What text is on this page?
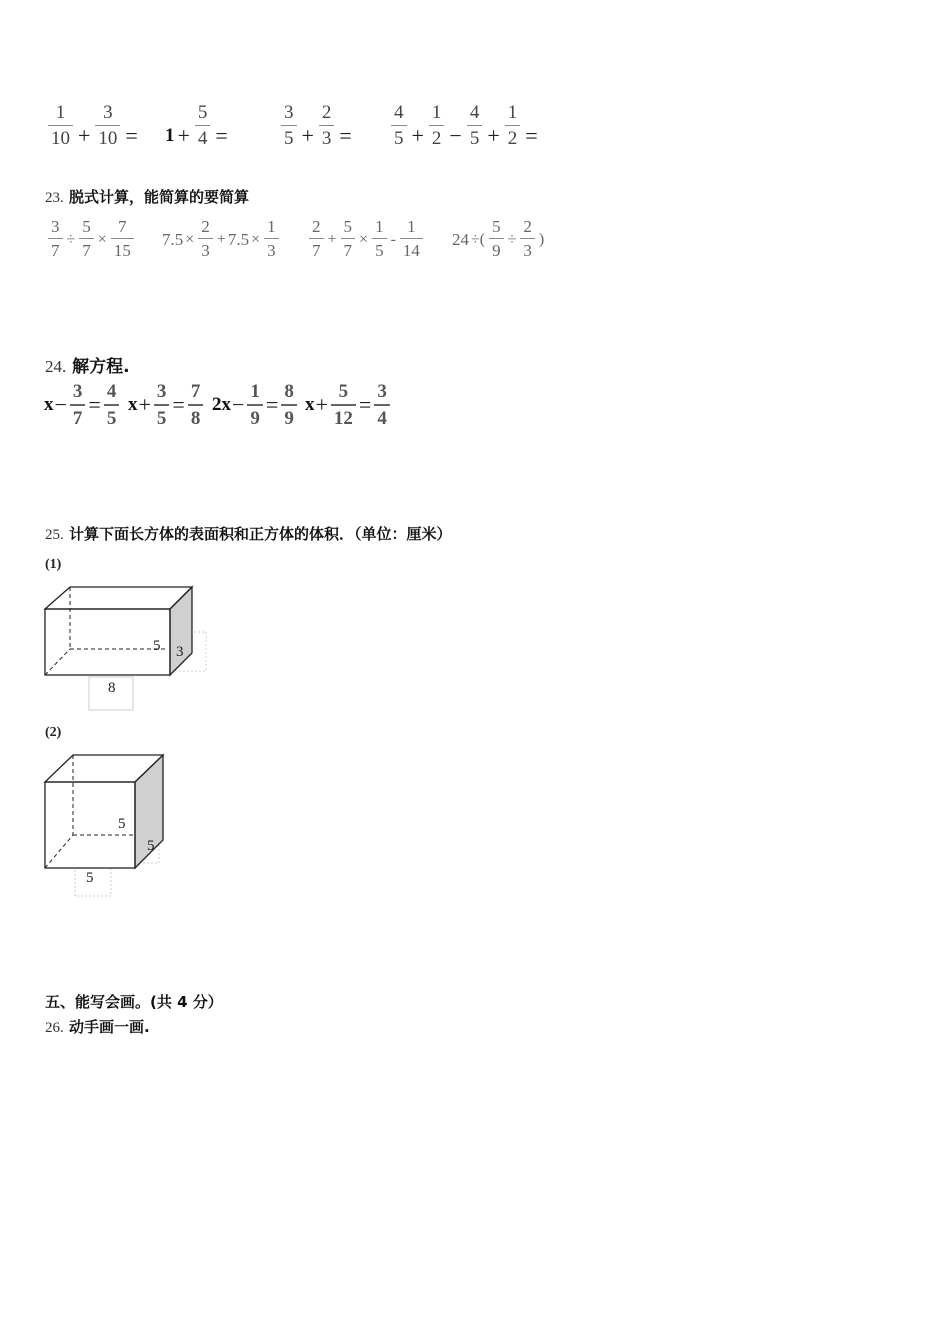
$\frac{1}{10} + \frac{3}{10} = 1 + \frac{5}{4}$ =	$\frac{3}{5} + \frac{2}{3} = \frac{4}{5} + \frac{1}{2} - \frac{4}{5} + \frac{1}{2}$ =
23. 脱式计算，能简算的要简算
$\frac{3}{7} \div \frac{5}{7} \times \frac{7}{15} 7.5 \times \frac{2}{3} + 7.5 \times \frac{1}{3} \frac{2}{7} + \frac{5}{7} \times \frac{1}{5} - \frac{1}{14} 24$ ÷( $\frac{5}{9} \div \frac{2}{3}$ )
24. 解方程.
$x - \frac{3}{7} = \frac{4}{5}$ $x + \frac{3}{5} = \frac{7}{8} 2x - \frac{1}{9} = \frac{8}{9}$ $x + \frac{5}{12} = \frac{3}{4}$
25. 计算下面长方体的表面积和正方体的体积．（单位：厘米）
(1)
5 3
8
5
5
5
(2)
五、能写会画。(共 4 分）
26. 动手画一画.
